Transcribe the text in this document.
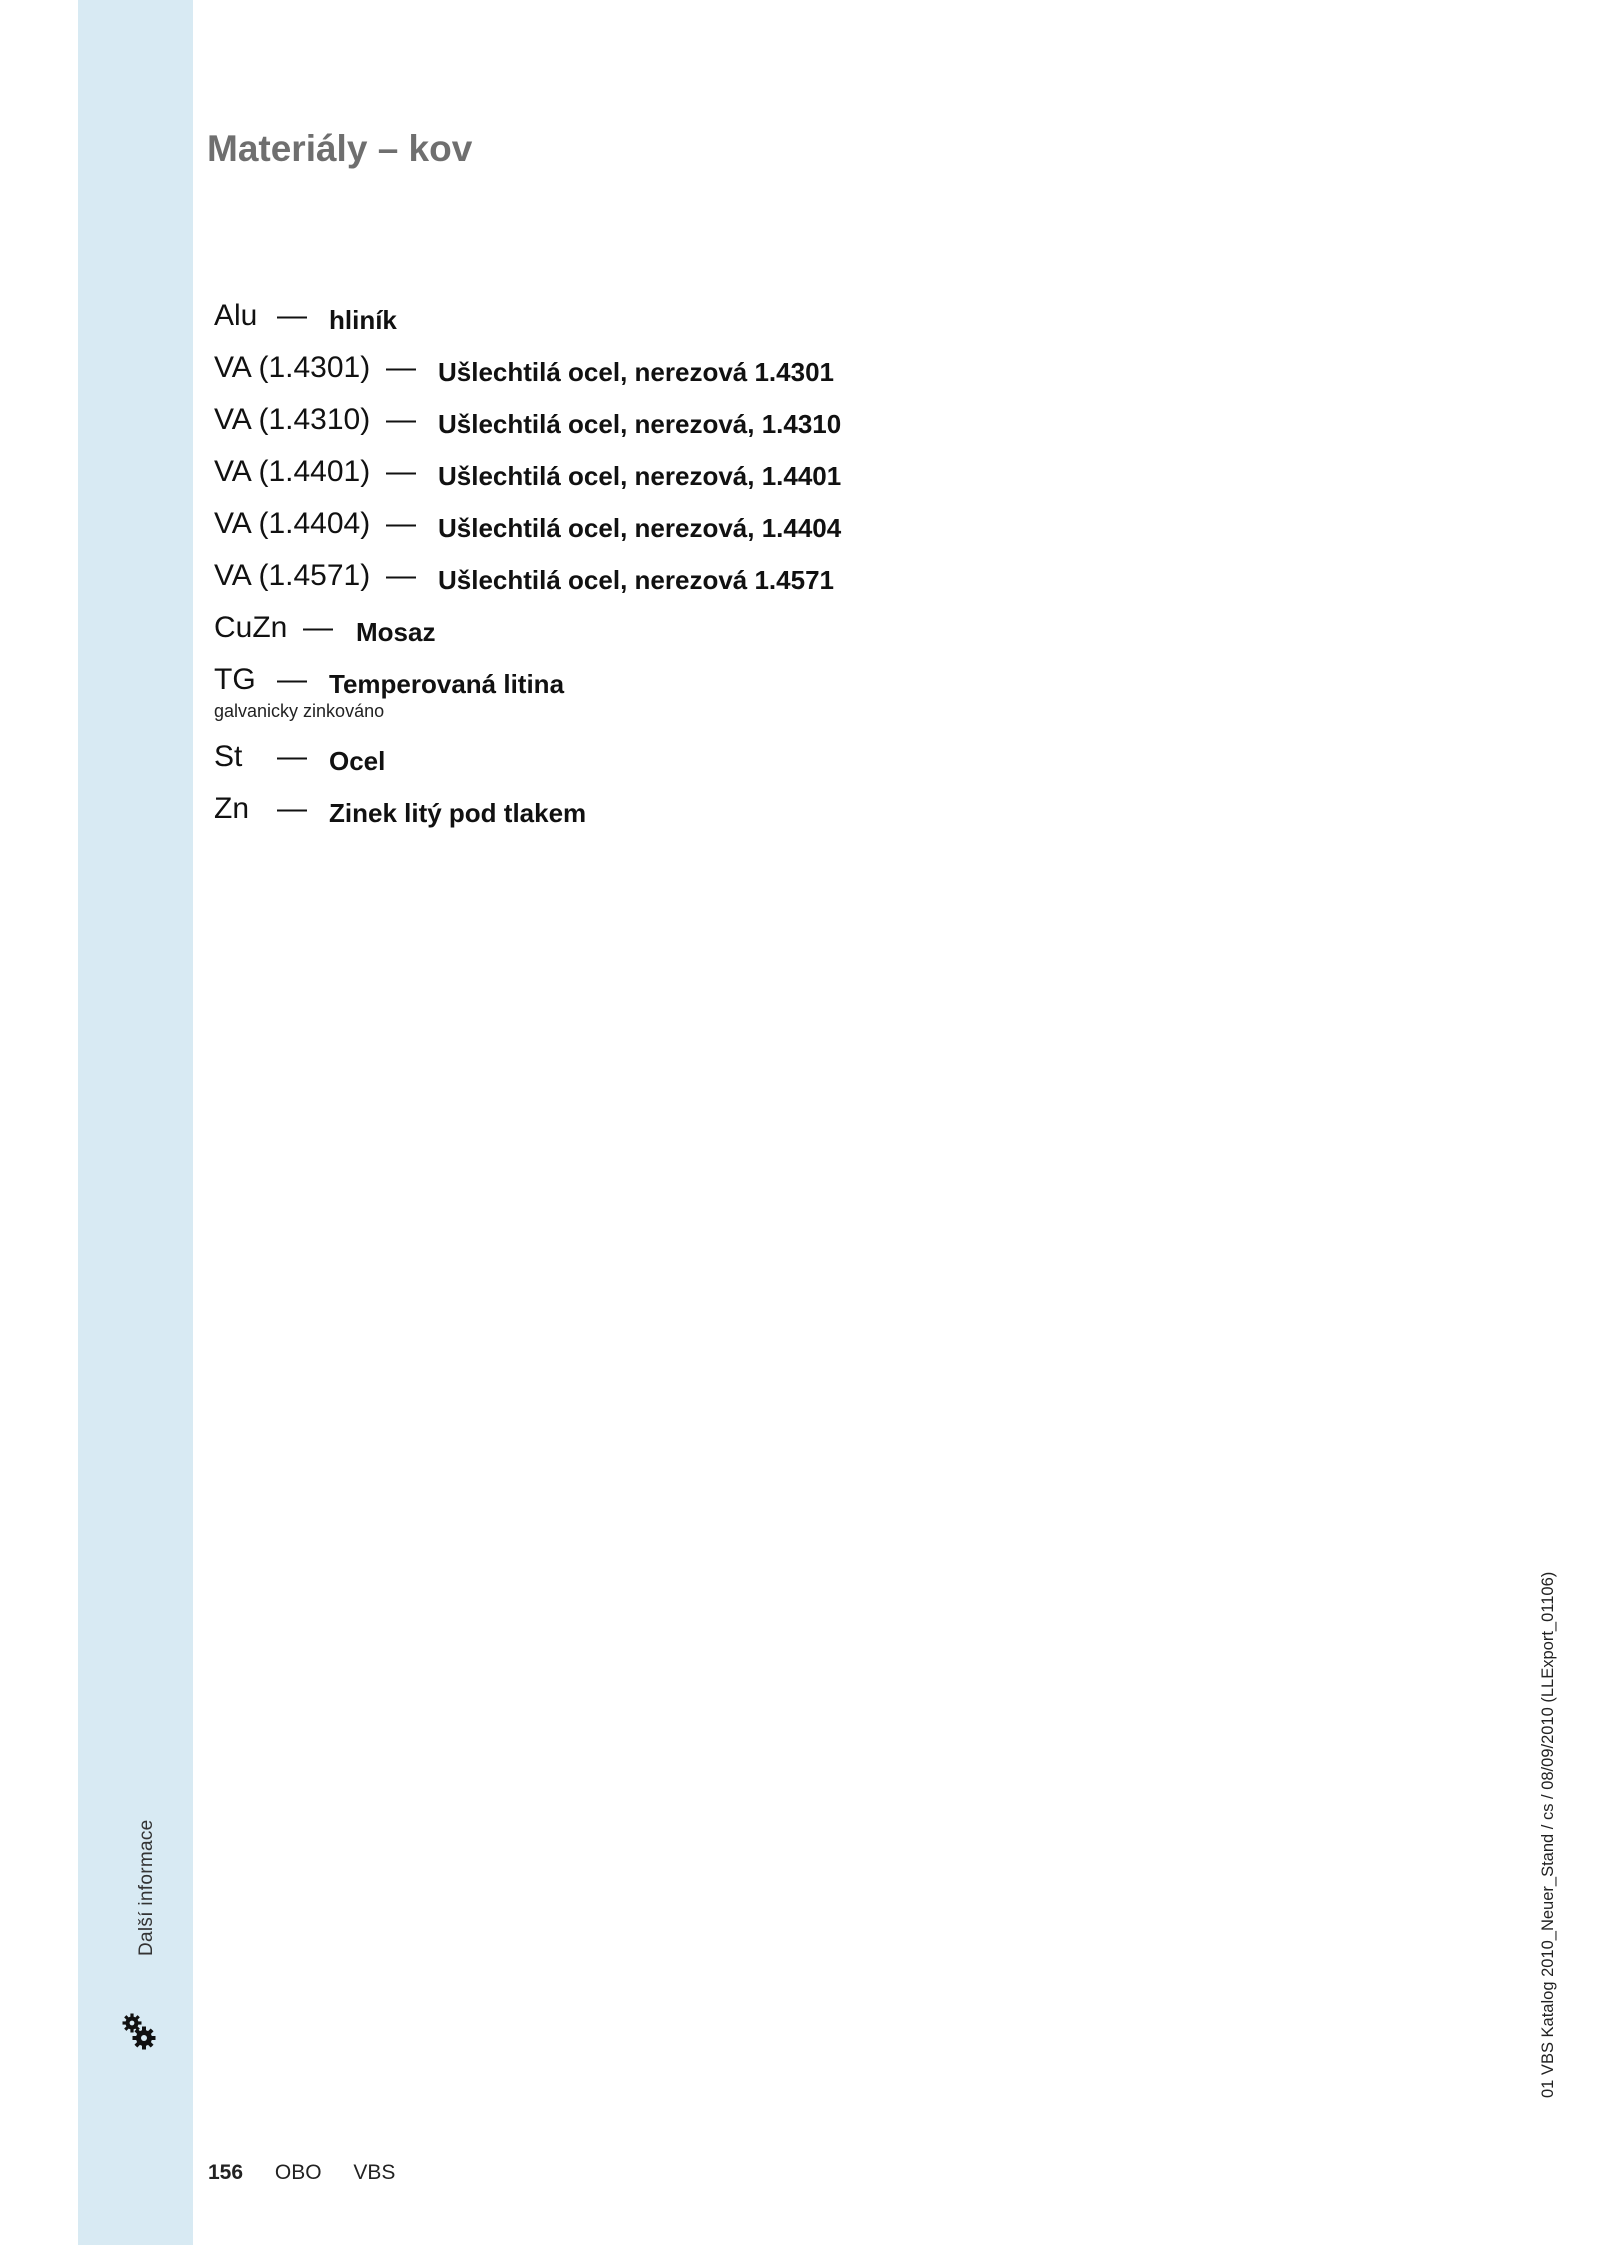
Další informace
Materiály – kov
Alu — hliník
VA (1.4301) — Ušlechtilá ocel, nerezová 1.4301
VA (1.4310) — Ušlechtilá ocel, nerezová, 1.4310
VA (1.4401) — Ušlechtilá ocel, nerezová, 1.4401
VA (1.4404) — Ušlechtilá ocel, nerezová, 1.4404
VA (1.4571) — Ušlechtilá ocel, nerezová 1.4571
CuZn — Mosaz
TG — Temperovaná litina
galvanicky zinkováno
St — Ocel
Zn — Zinek litý pod tlakem
156 OBO VBS
01 VBS Katalog 2010_Neuer_Stand / cs / 08/09/2010 (LLExport_01106)
